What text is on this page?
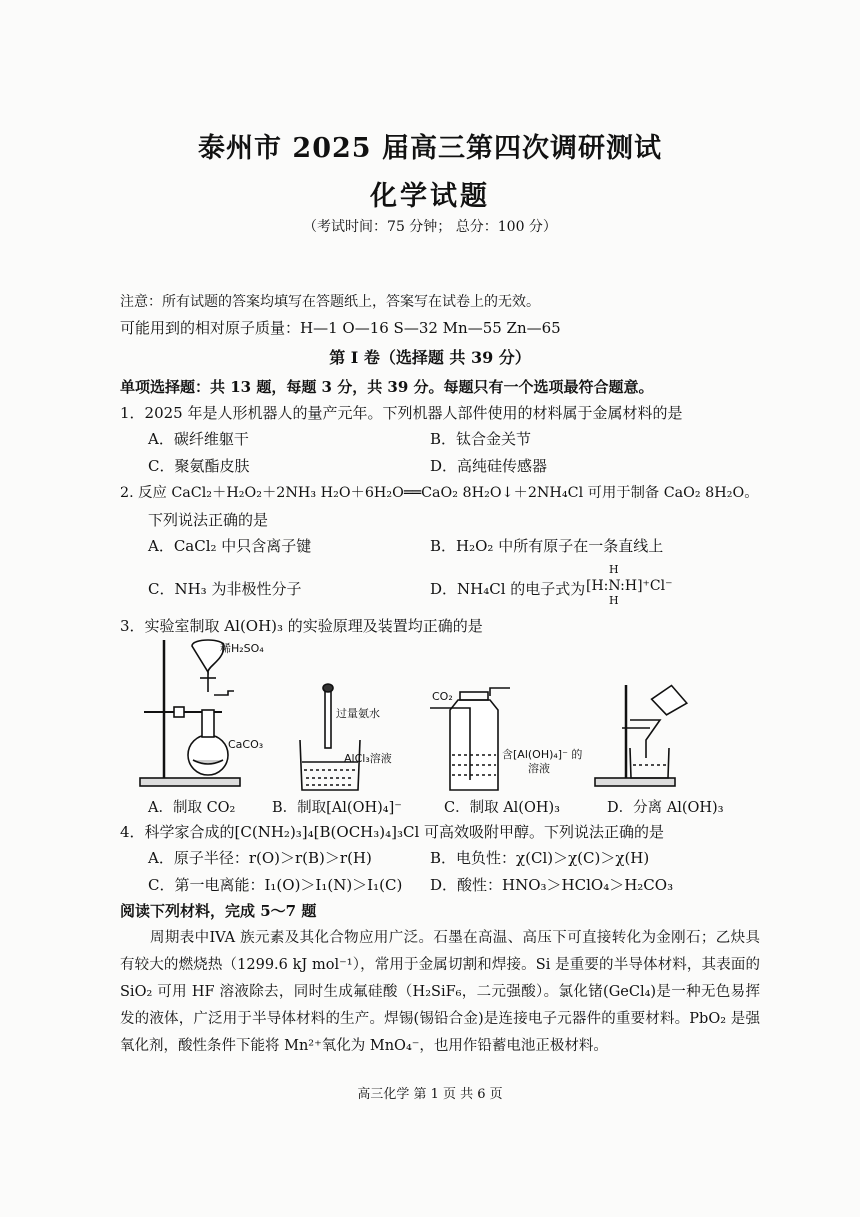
泰州市 2025 届高三第四次调研测试
化学试题
（考试时间：75 分钟； 总分：100 分）
注意：所有试题的答案均填写在答题纸上，答案写在试卷上的无效。
可能用到的相对原子质量：H—1 O—16 S—32 Mn—55 Zn—65
第 I 卷（选择题 共 39 分）
单项选择题：共 13 题，每题 3 分，共 39 分。每题只有一个选项最符合题意。
1．2025 年是人形机器人的量产元年。下列机器人部件使用的材料属于金属材料的是
A．碳纤维躯干	B．钛合金关节
C．聚氨酯皮肤	D．高纯硅传感器
2. 反应 CaCl₂＋H₂O₂＋2NH₃ H₂O＋6H₂O══CaO₂ 8H₂O↓＋2NH₄Cl 可用于制备 CaO₂ 8H₂O。
下列说法正确的是
A．CaCl₂ 中只含离子键	B．H₂O₂ 中所有原子在一条直线上
C．NH₃ 为非极性分子	D．NH₄Cl 的电子式为
H
[H:N:H]⁺Cl⁻
H
3．实验室制取 Al(OH)₃ 的实验原理及装置均正确的是
稀H₂SO₄
CaCO₃
过量氨水
AlCl₃溶液
CO₂
含[Al(OH)₄]⁻ 的
溶液
A．制取 CO₂	B．制取[Al(OH)₄]⁻	C．制取 Al(OH)₃	D．分离 Al(OH)₃
4．科学家合成的[C(NH₂)₃]₄[B(OCH₃)₄]₃Cl 可高效吸附甲醇。下列说法正确的是
A．原子半径：r(O)＞r(B)＞r(H)	B．电负性：χ(Cl)＞χ(C)＞χ(H)
C．第一电离能：I₁(O)＞I₁(N)＞I₁(C) D．酸性：HNO₃＞HClO₄＞H₂CO₃
阅读下列材料，完成 5～7 题
周期表中IVA 族元素及其化合物应用广泛。石墨在高温、高压下可直接转化为金刚石；乙炔具有较大的燃烧热（1299.6 kJ mol⁻¹），常用于金属切割和焊接。Si 是重要的半导体材料，其表面的 SiO₂ 可用 HF 溶液除去，同时生成氟硅酸（H₂SiF₆，二元强酸）。氯化锗(GeCl₄)是一种无色易挥发的液体，广泛用于半导体材料的生产。焊锡(锡铅合金)是连接电子元器件的重要材料。PbO₂ 是强氧化剂，酸性条件下能将 Mn²⁺氧化为 MnO₄⁻，也用作铅蓄电池正极材料。
高三化学 第 1 页 共 6 页
